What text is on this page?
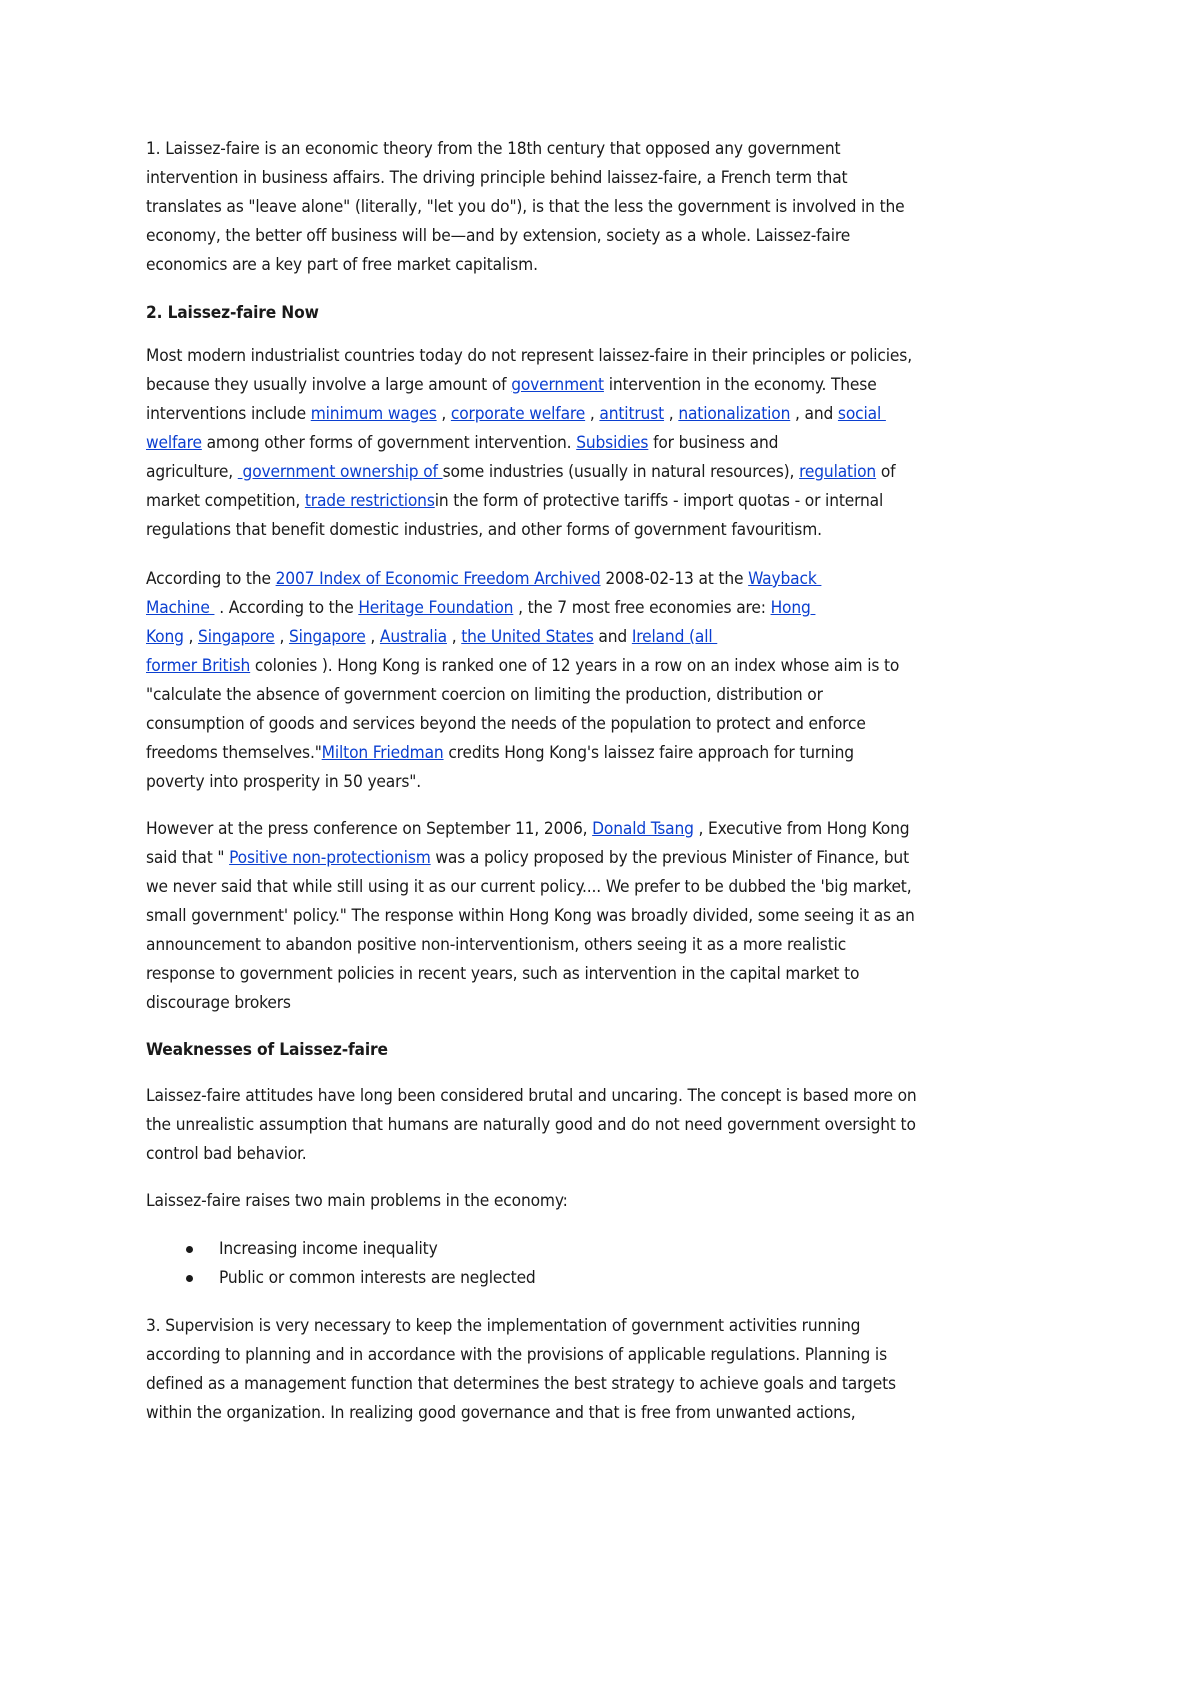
1. Laissez-faire is an economic theory from the 18th century that opposed any government
intervention in business affairs. The driving principle behind laissez-faire, a French term that
translates as "leave alone" (literally, "let you do"), is that the less the government is involved in the
economy, the better off business will be—and by extension, society as a whole. Laissez-faire
economics are a key part of free market capitalism.
2. Laissez-faire Now
Most modern industrialist countries today do not represent laissez-faire in their principles or policies,
because they usually involve a large amount of government intervention in the economy. These
interventions include minimum wages , corporate welfare , antitrust , nationalization , and social
welfare among other forms of government intervention. Subsidies for business and
agriculture,  government ownership of some industries (usually in natural resources), regulation of
market competition, trade restrictionsin the form of protective tariffs - import quotas - or internal
regulations that benefit domestic industries, and other forms of government favouritism.
According to the 2007 Index of Economic Freedom Archived 2008-02-13 at the Wayback
Machine  . According to the Heritage Foundation , the 7 most free economies are: Hong
Kong , Singapore , Singapore , Australia , the United States and Ireland (all
former British colonies ). Hong Kong is ranked one of 12 years in a row on an index whose aim is to
"calculate the absence of government coercion on limiting the production, distribution or
consumption of goods and services beyond the needs of the population to protect and enforce
freedoms themselves."Milton Friedman credits Hong Kong's laissez faire approach for turning
poverty into prosperity in 50 years".
However at the press conference on September 11, 2006, Donald Tsang , Executive from Hong Kong
said that " Positive non-protectionism was a policy proposed by the previous Minister of Finance, but
we never said that while still using it as our current policy.... We prefer to be dubbed the 'big market,
small government' policy." The response within Hong Kong was broadly divided, some seeing it as an
announcement to abandon positive non-interventionism, others seeing it as a more realistic
response to government policies in recent years, such as intervention in the capital market to
discourage brokers
Weaknesses of Laissez-faire
Laissez-faire attitudes have long been considered brutal and uncaring. The concept is based more on
the unrealistic assumption that humans are naturally good and do not need government oversight to
control bad behavior.
Laissez-faire raises two main problems in the economy:
3. Supervision is very necessary to keep the implementation of government activities running
according to planning and in accordance with the provisions of applicable regulations. Planning is
defined as a management function that determines the best strategy to achieve goals and targets
within the organization. In realizing good governance and that is free from unwanted actions,
Increasing income inequality
Public or common interests are neglected
